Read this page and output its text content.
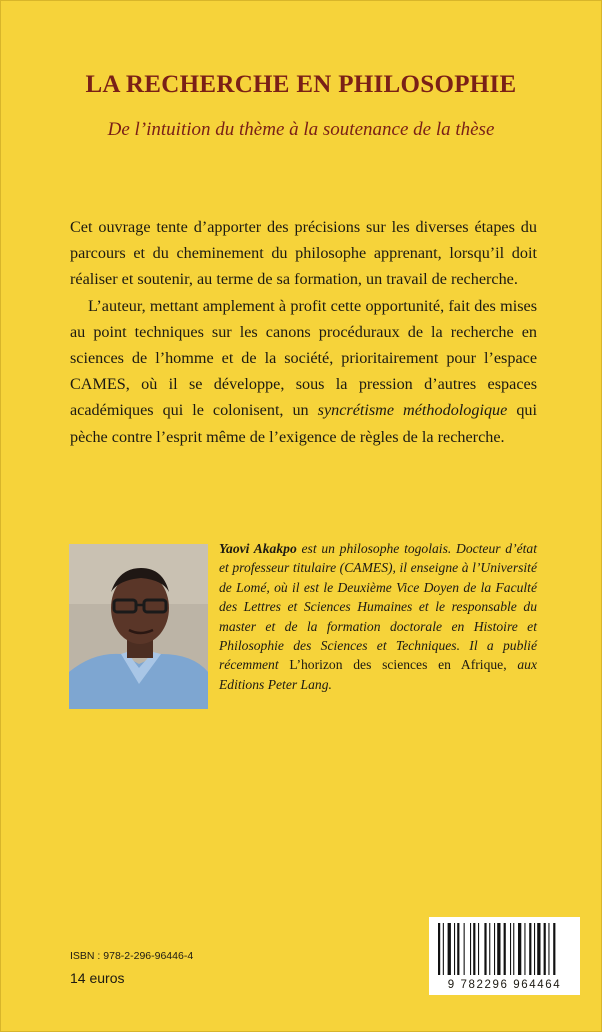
LA RECHERCHE EN PHILOSOPHIE
De l’intuition du thème à la soutenance de la thèse

Cet ouvrage tente d’apporter des précisions sur les diverses étapes du parcours et du cheminement du philosophe apprenant, lorsqu’il doit réaliser et soutenir, au terme de sa formation, un travail de recherche.

L’auteur, mettant amplement à profit cette opportunité, fait des mises au point techniques sur les canons procéduraux de la recherche en sciences de l’homme et de la société, prioritairement pour l’espace CAMES, où il se développe, sous la pression d’autres espaces académiques qui le colonisent, un syncrétisme méthodologique qui pèche contre l’esprit même de l’exigence de règles de la recherche.

Yaovi Akakpo est un philosophe togolais. Docteur d’état et professeur titulaire (CAMES), il enseigne à l’Université de Lomé, où il est le Deuxième Vice Doyen de la Faculté des Lettres et Sciences Humaines et le responsable du master et de la formation doctorale en Histoire et Philosophie des Sciences et Techniques. Il a publié récemment L’horizon des sciences en Afrique, aux Editions Peter Lang.
ISBN : 978-2-296-96446-4
14 euros	9 782296 964464
